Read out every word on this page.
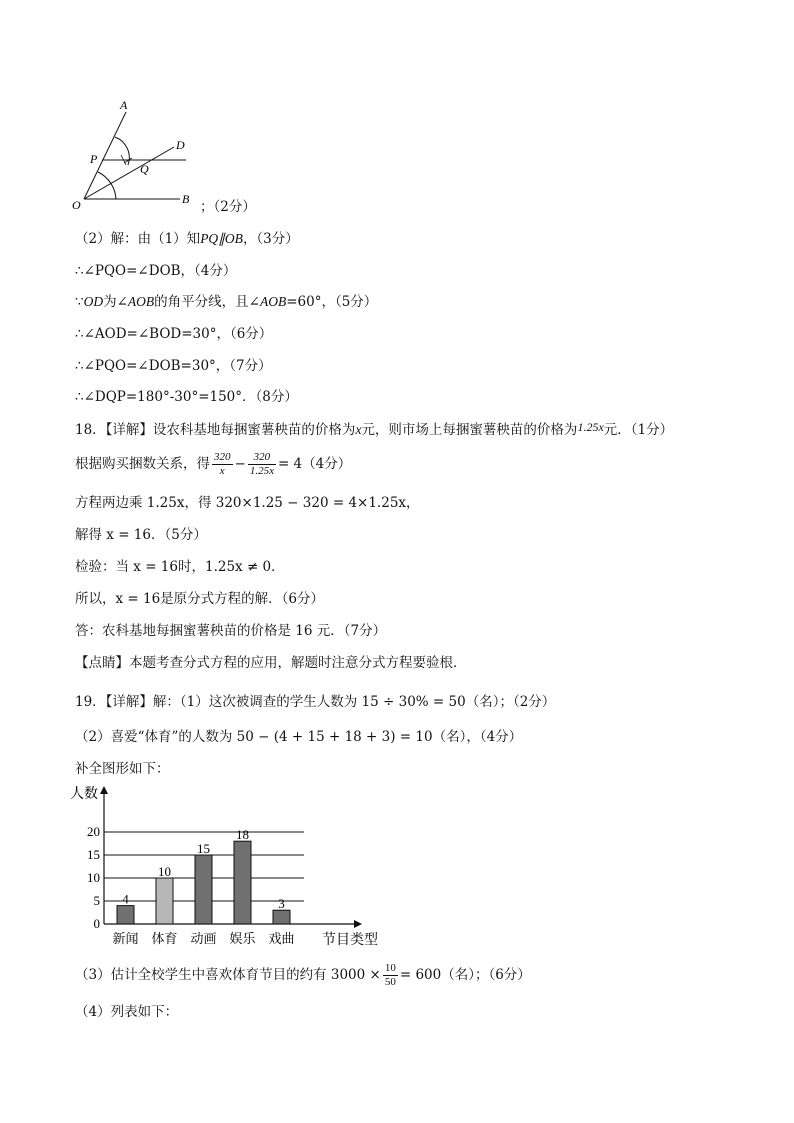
A
D
P
Q
O	B ；（2分）
（2）解：由（1）知PQ∥OB，（3分）
∴∠PQO=∠DOB，（4分）
∵OD为∠AOB的角平分线，且∠AOB=60°，（5分）
∴∠AOD=∠BOD=30°，（6分）
∴∠PQO=∠DOB=30°，（7分）
∴∠DQP=180°-30°=150°．（8分）
18．【详解】设农科基地每捆蜜薯秧苗的价格为x元，则市场上每捆蜜薯秧苗的价格为1.25x元．（1分）
根据购买捆数关系，得 $\frac{320}{x} - \frac{320}{1.25x} = 4(4$分）
方程两边乘 1.25x，得 320×1.25 − 320 = 4×1.25x，
解得 x = 16．（5分）
检验：当 x = 16时，1.25x ≠ 0．
所以，x = 16是原分式方程的解．（6分）
答：农科基地每捆蜜薯秧苗的价格是 16 元．（7分）
【点睛】本题考查分式方程的应用，解题时注意分式方程要验根．
19．【详解】解：（1）这次被调查的学生人数为 15 ÷ 30% = 50（名）；（2分）
（2）喜爱“体育”的人数为 50 − (4 + 15 + 18 + 3) = 10（名），（4分）
补全图形如下：
0
5
10
15
20
人数
节目类型
4
新闻
10
体育
15
动画
18
娱乐
3
戏曲
（3）估计全校学生中喜欢体育节目的约有 $3000 \times \frac{10}{50} = 600$（名）；（6分）
（4）列表如下：
